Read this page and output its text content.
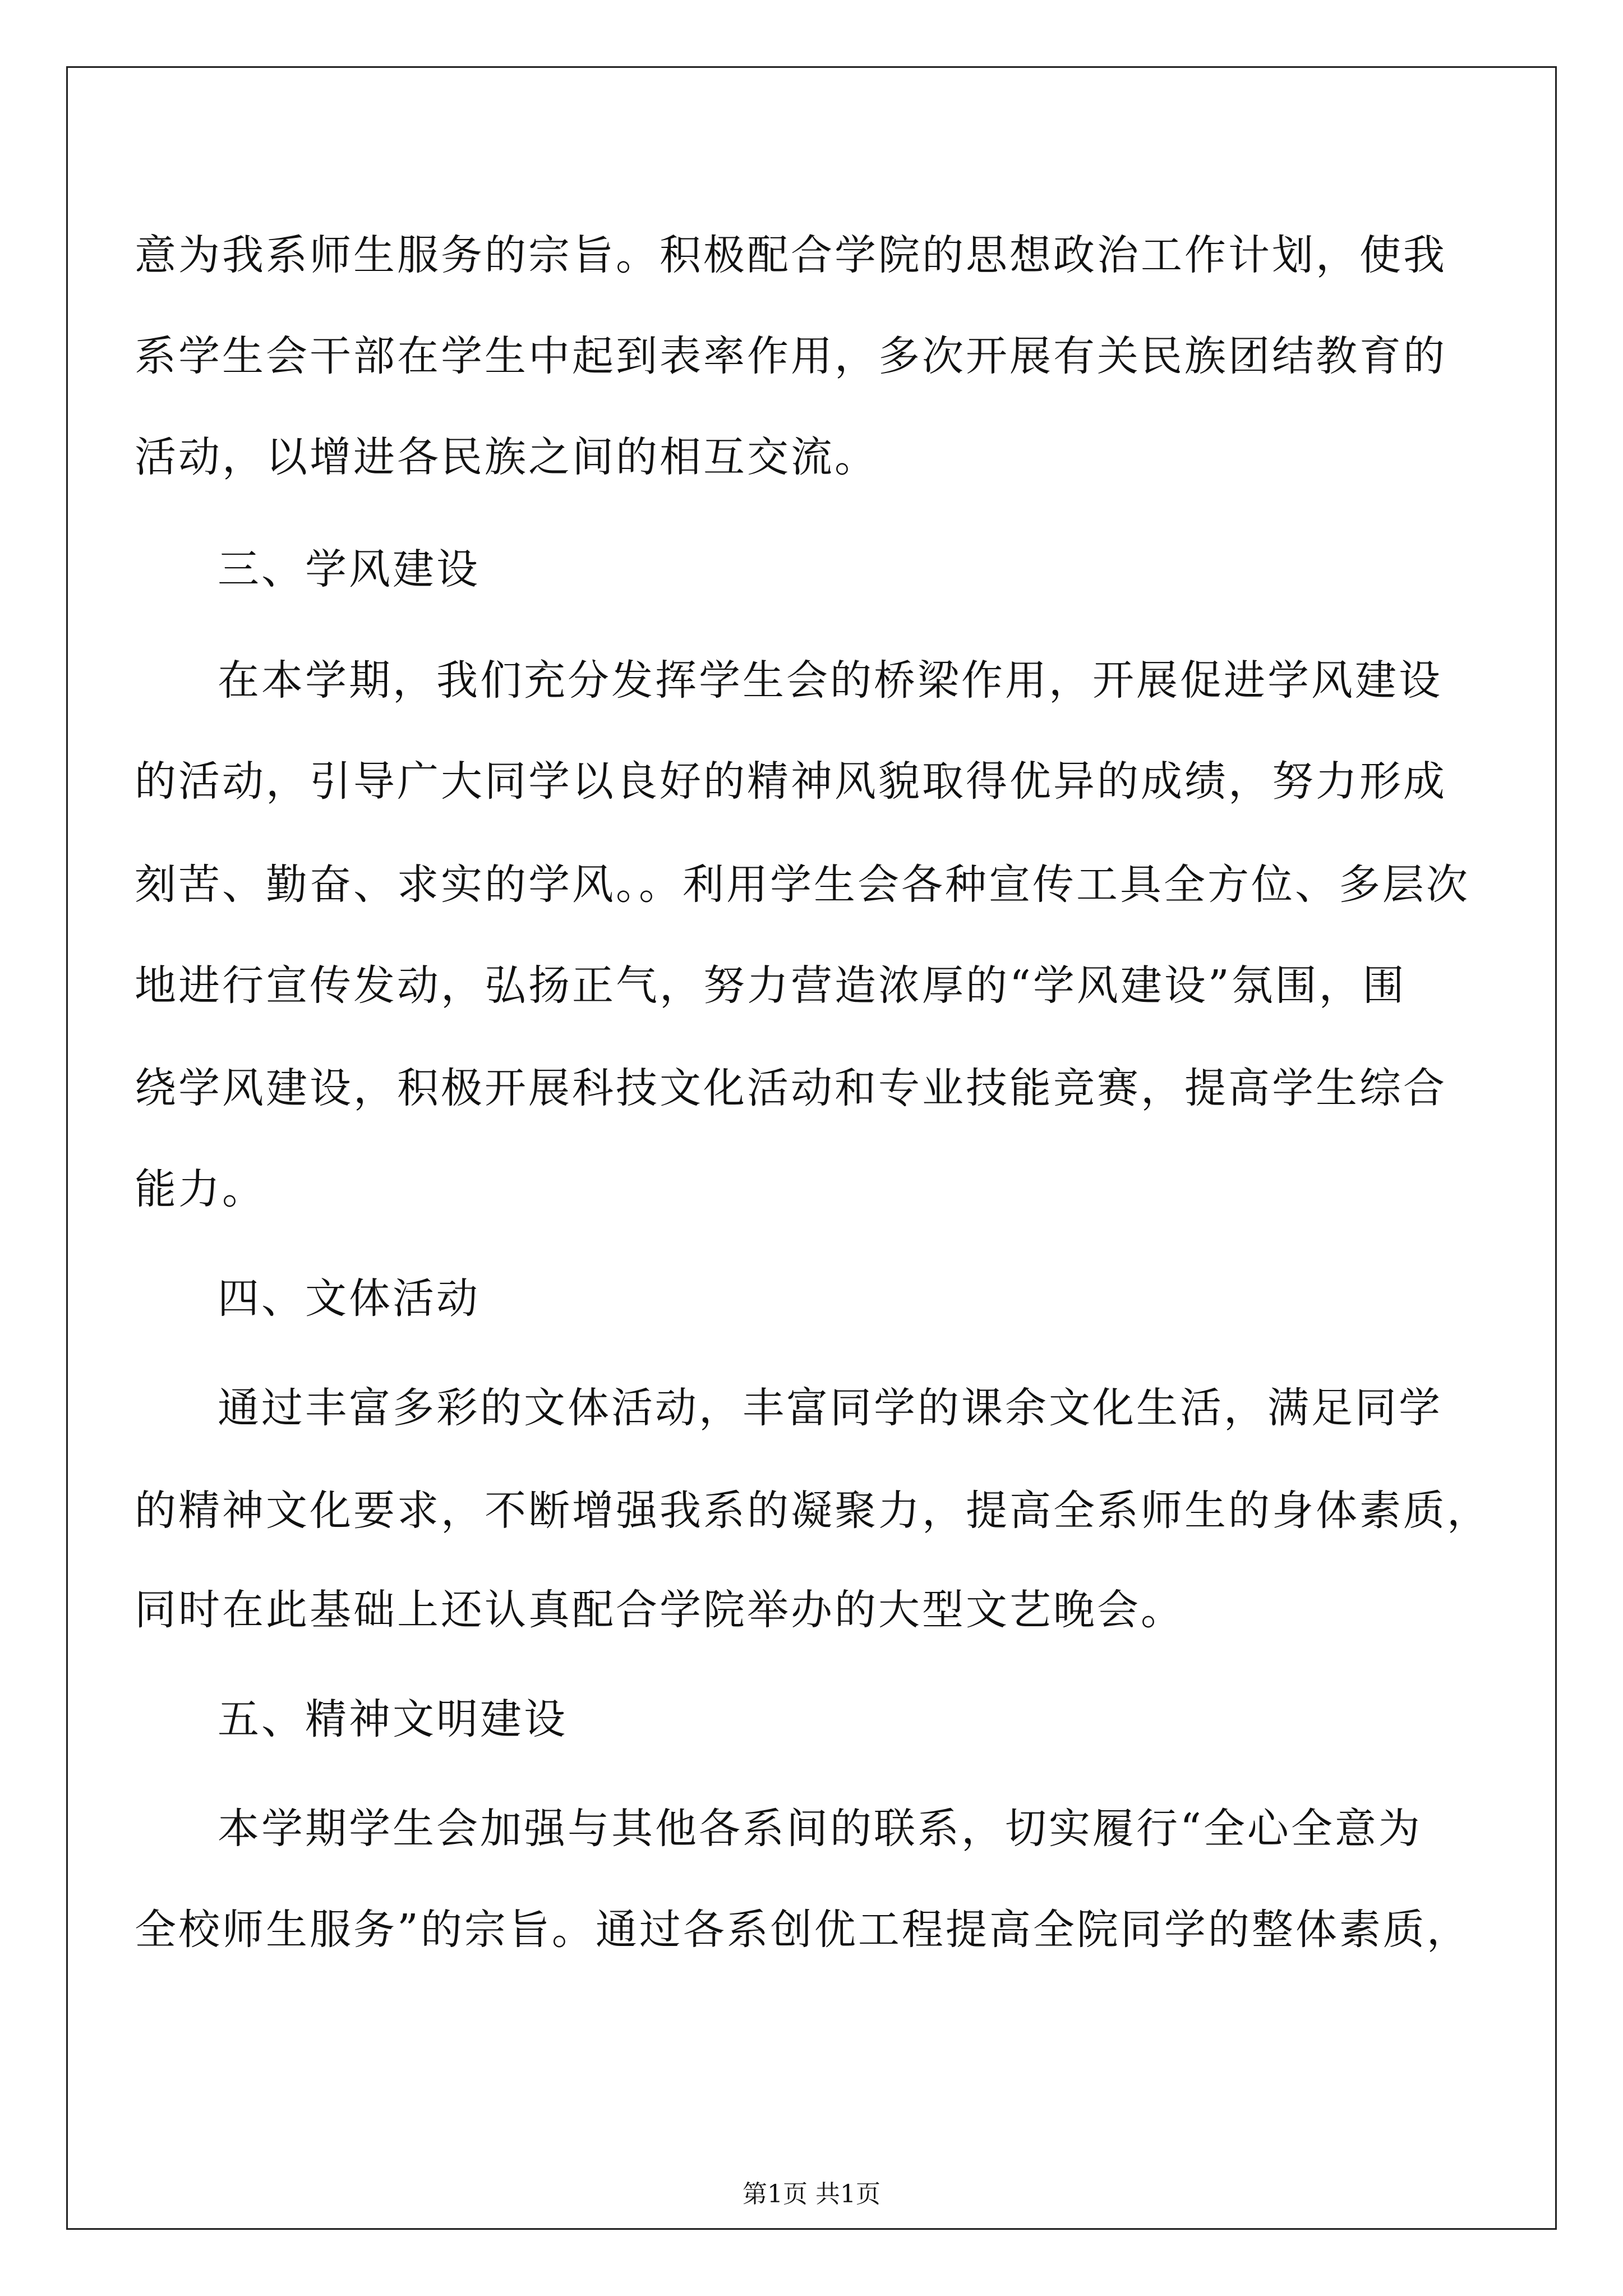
意为我系师生服务的宗旨。积极配合学院的思想政治工作计划，使我
系学生会干部在学生中起到表率作用，多次开展有关民族团结教育的
活动，以增进各民族之间的相互交流。
三、学风建设
在本学期，我们充分发挥学生会的桥梁作用，开展促进学风建设
的活动，引导广大同学以良好的精神风貌取得优异的成绩，努力形成
刻苦、勤奋、求实的学风。。利用学生会各种宣传工具全方位、多层次
地进行宣传发动，弘扬正气，努力营造浓厚的“学风建设”氛围，围
绕学风建设，积极开展科技文化活动和专业技能竞赛，提高学生综合
能力。
四、文体活动
通过丰富多彩的文体活动，丰富同学的课余文化生活，满足同学
的精神文化要求，不断增强我系的凝聚力，提高全系师生的身体素质，
同时在此基础上还认真配合学院举办的大型文艺晚会。
五、精神文明建设
本学期学生会加强与其他各系间的联系，切实履行“全心全意为
全校师生服务”的宗旨。通过各系创优工程提高全院同学的整体素质，
第1页 共1页
